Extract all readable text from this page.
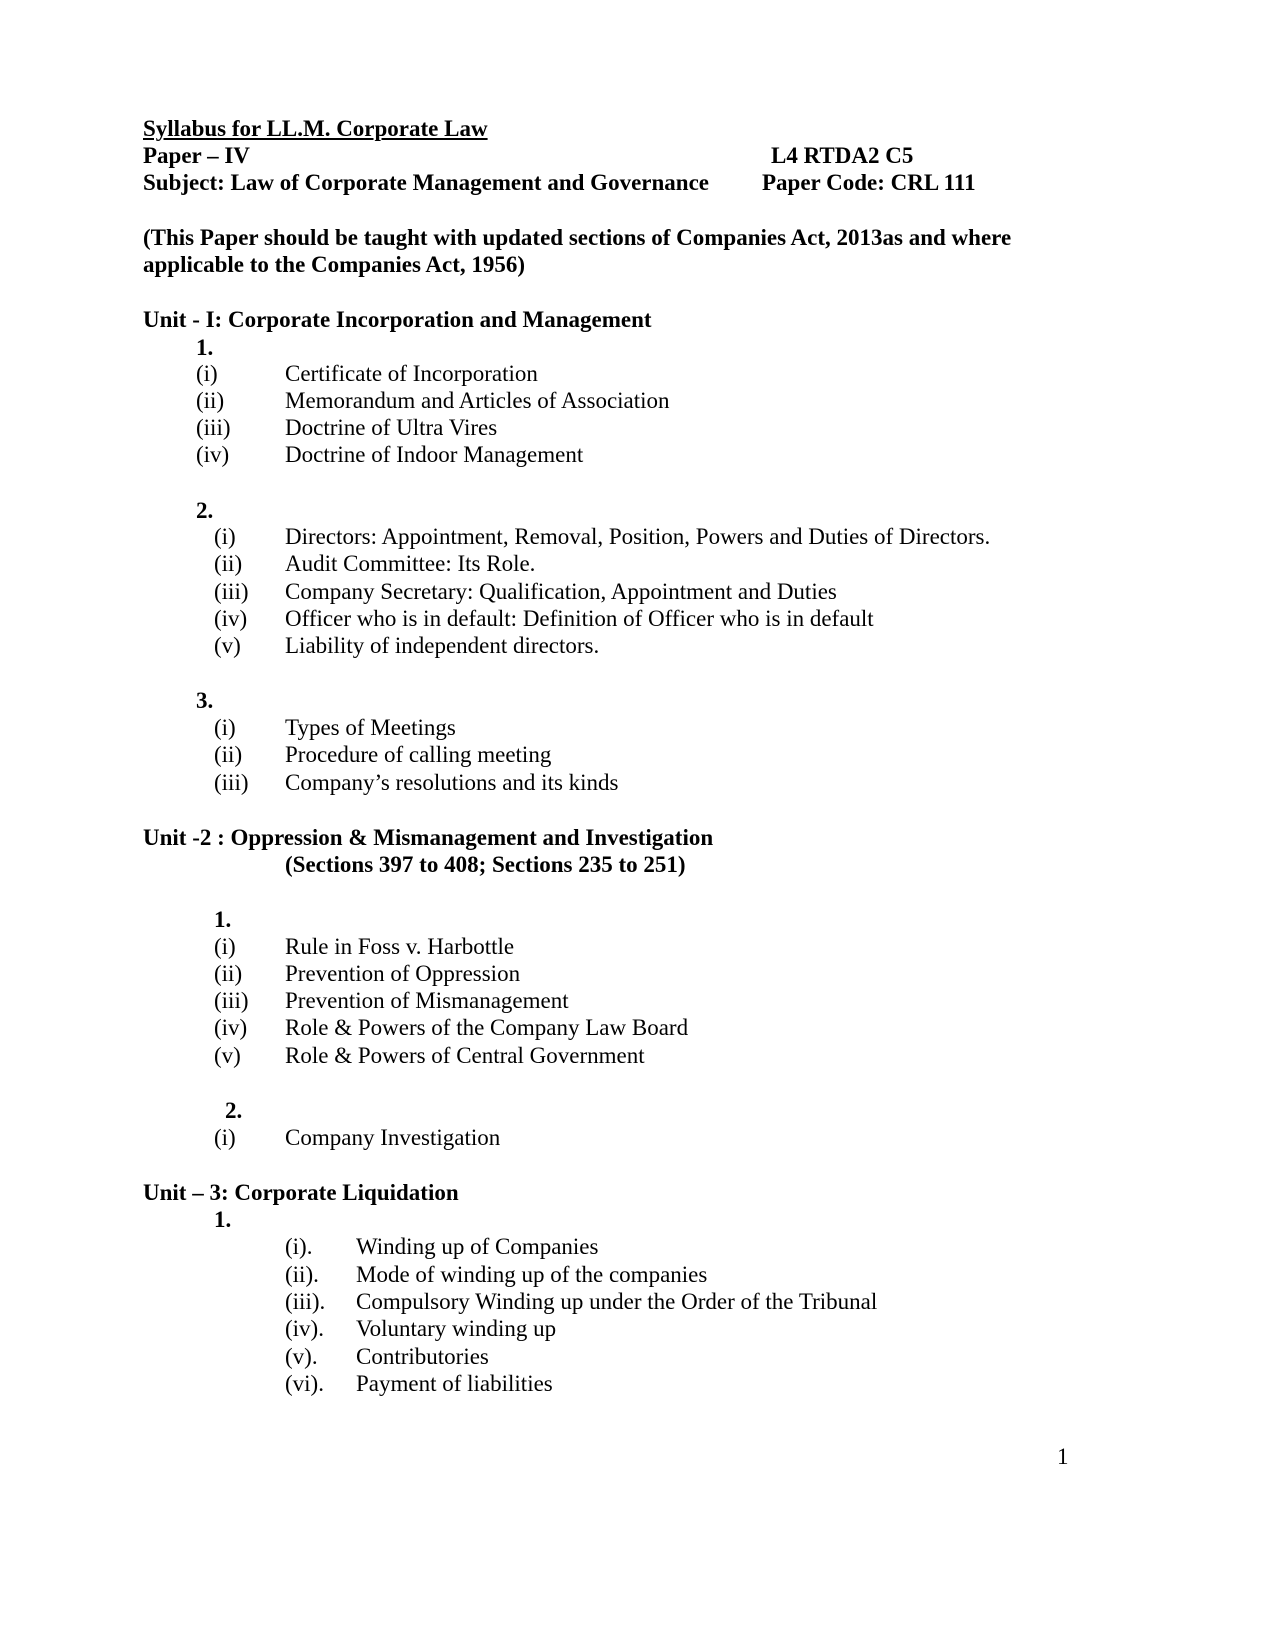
Syllabus for LL.M. Corporate Law
Paper – IV	L4 RTDA2 C5
Subject: Law of Corporate Management and Governance Paper Code: CRL 111
(This Paper should be taught with updated sections of Companies Act, 2013as and where
applicable to the Companies Act, 1956)
Unit - I: Corporate Incorporation and Management
1.
(i)	Certificate of Incorporation
(ii)	Memorandum and Articles of Association
(iii) Doctrine of Ultra Vires
(iv) Doctrine of Indoor Management
2.
(i) Directors: Appointment, Removal, Position, Powers and Duties of Directors.
(ii) Audit Committee: Its Role.
(iii) Company Secretary: Qualification, Appointment and Duties
(iv) Officer who is in default: Definition of Officer who is in default
(v) Liability of independent directors.
3.
(i) Types of Meetings
(ii) Procedure of calling meeting
(iii) Company’s resolutions and its kinds
Unit -2 : Oppression & Mismanagement and Investigation
(Sections 397 to 408; Sections 235 to 251)
1.
(i) Rule in Foss v. Harbottle
(ii) Prevention of Oppression
(iii) Prevention of Mismanagement
(iv) Role & Powers of the Company Law Board
(v) Role & Powers of Central Government
2.
(i) Company Investigation
Unit – 3: Corporate Liquidation
1.
(i). Winding up of Companies
(ii). Mode of winding up of the companies
(iii). Compulsory Winding up under the Order of the Tribunal
(iv). Voluntary winding up
(v). Contributories
(vi). Payment of liabilities
1
